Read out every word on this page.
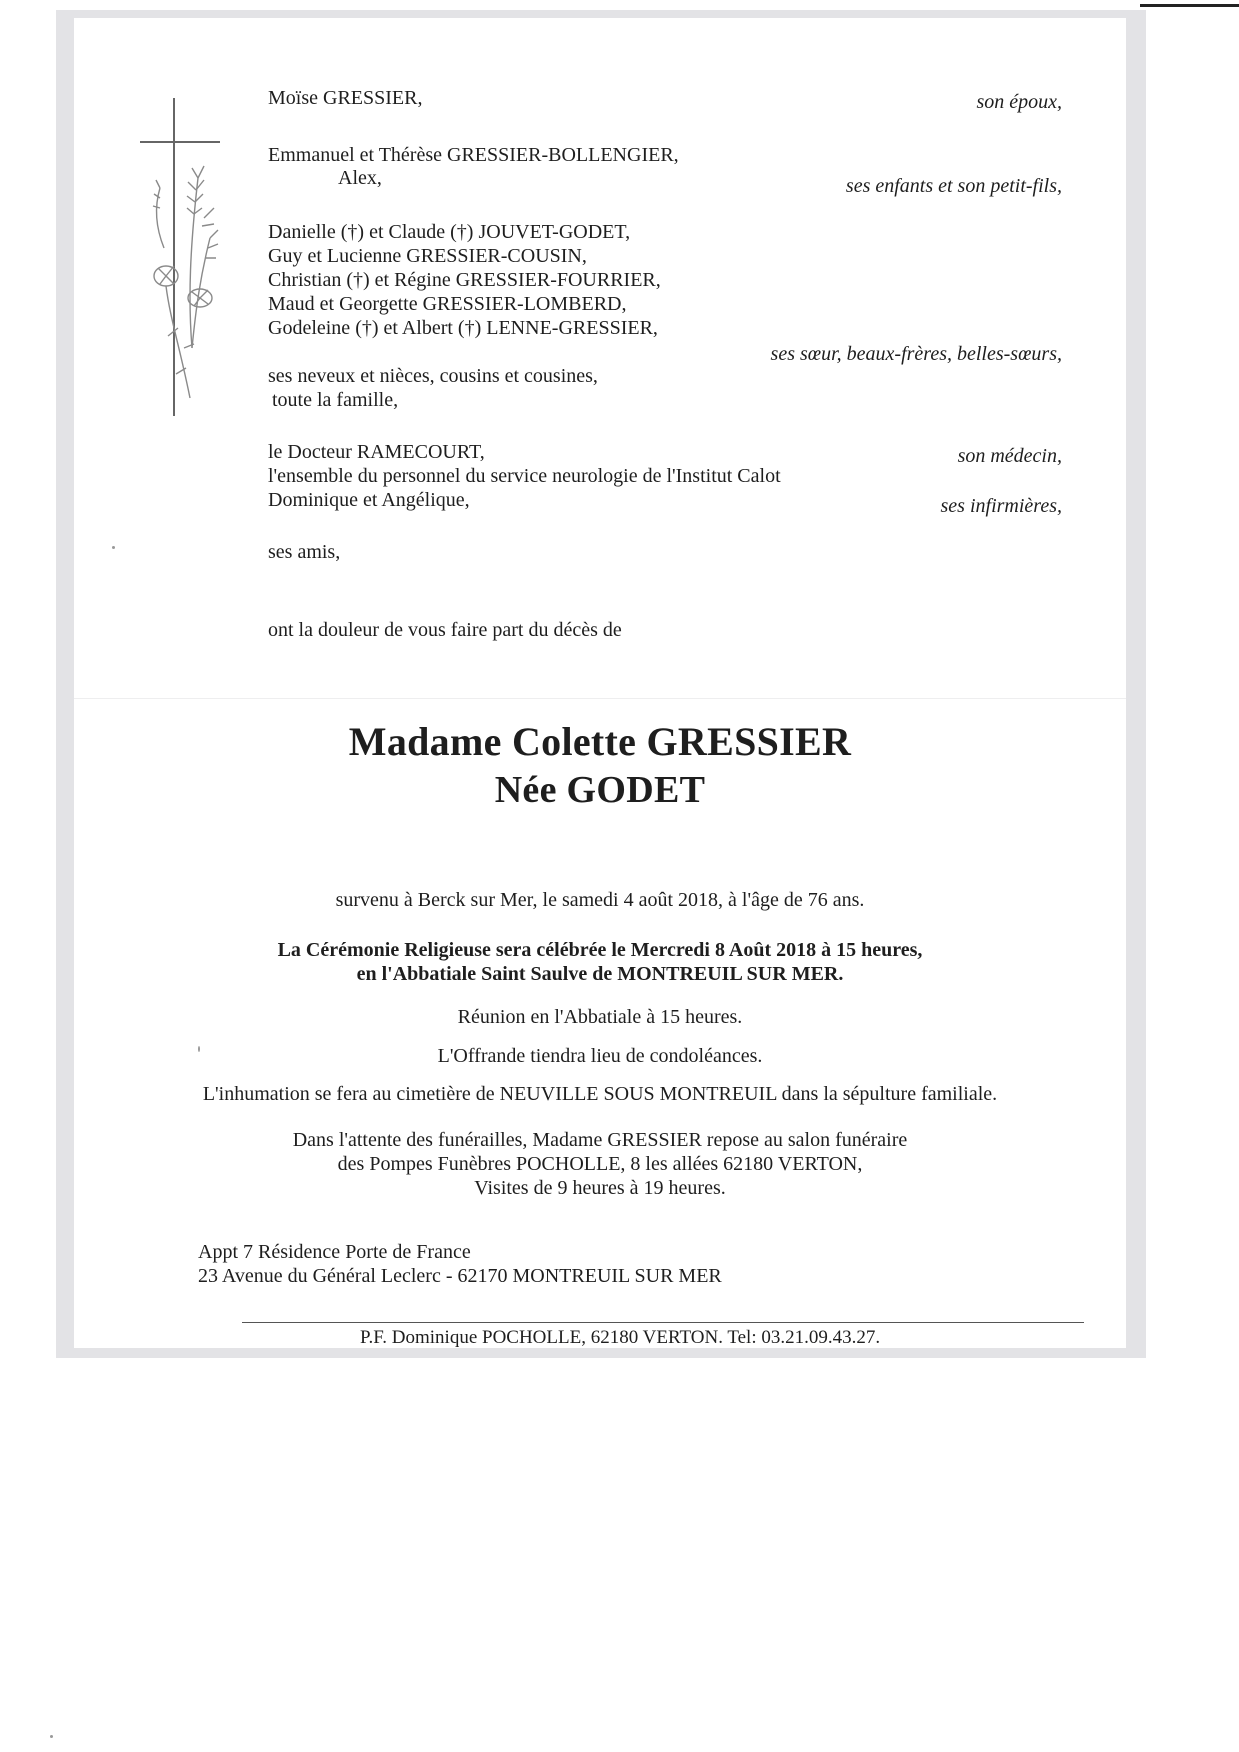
Moïse GRESSIER,	son époux,
Emmanuel et Thérèse GRESSIER-BOLLENGIER,
Alex,	ses enfants et son petit-fils,
Danielle (†) et Claude (†) JOUVET-GODET,
Guy et Lucienne GRESSIER-COUSIN,
Christian (†) et Régine GRESSIER-FOURRIER,
Maud et Georgette GRESSIER-LOMBERD,
Godeleine (†) et Albert (†) LENNE-GRESSIER,
ses sœur, beaux-frères, belles-sœurs,
ses neveux et nièces, cousins et cousines,
toute la famille,
le Docteur RAMECOURT,	son médecin,
l'ensemble du personnel du service neurologie de l'Institut Calot
Dominique et Angélique,	ses infirmières,
ses amis,
ont la douleur de vous faire part du décès de
Madame Colette GRESSIER
Née GODET
survenu à Berck sur Mer, le samedi 4 août 2018, à l'âge de 76 ans.
La Cérémonie Religieuse sera célébrée le Mercredi 8 Août 2018 à 15 heures,
en l'Abbatiale Saint Saulve de MONTREUIL SUR MER.
Réunion en l'Abbatiale à 15 heures.
L'Offrande tiendra lieu de condoléances.
L'inhumation se fera au cimetière de NEUVILLE SOUS MONTREUIL dans la sépulture familiale.
Dans l'attente des funérailles, Madame GRESSIER repose au salon funéraire
des Pompes Funèbres POCHOLLE, 8 les allées 62180 VERTON,
Visites de 9 heures à 19 heures.
Appt 7 Résidence Porte de France
23 Avenue du Général Leclerc - 62170 MONTREUIL SUR MER
P.F. Dominique POCHOLLE, 62180 VERTON. Tel: 03.21.09.43.27.
